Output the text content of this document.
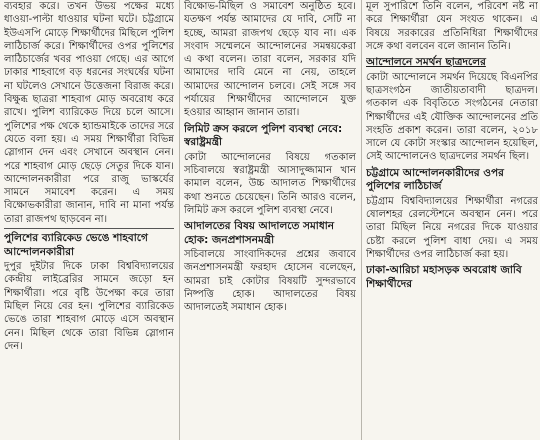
ব্যবহার করে। তখন উভয় পক্ষের মধ্যে ধাওয়া-পাল্টা ধাওয়ার ঘটনা ঘটে। চট্টগ্রামে ইউএসপি মোড়ে শিক্ষার্থীদের মিছিলে পুলিশ লাঠিচার্জ করে। শিক্ষার্থীদের ওপর পুলিশের লাঠিচার্জের খবর পাওয়া গেছে। এর আগে ঢাকার শাহবাগে বড় ধরনের সংঘর্ষের ঘটনা না ঘটলেও সেখানে উত্তেজনা বিরাজ করে। বিক্ষুব্ধ ছাত্ররা শাহবাগ মোড় অবরোধ করে রাখে। পুলিশ ব্যারিকেড দিয়ে চলে আসে। পুলিশের পক্ষ থেকে হ্যান্ডমাইকে তাদের সরে যেতে বলা হয়। এ সময় শিক্ষার্থীরা বিভিন্ন স্লোগান দেন এবং সেখানে অবস্থান নেন। পরে শাহবাগ মোড় ছেড়ে সেতুর দিকে যান। আন্দোলনকারীরা পরে রাজু ভাস্কর্যের সামনে সমাবেশ করেন। এ সময় বিক্ষোভকারীরা জানান, দাবি না মানা পর্যন্ত তারা রাজপথ ছাড়বেন না।

পুলিশের ব্যারিকেড ভেঙে শাহবাগে আন্দোলনকারীরা

দুপুর দুইটার দিকে ঢাকা বিশ্ববিদ্যালয়ের কেন্দ্রীয় লাইব্রেরির সামনে জড়ো হন শিক্ষার্থীরা। পরে বৃষ্টি উপেক্ষা করে তারা মিছিল নিয়ে বের হন। পুলিশের ব্যারিকেড ভেঙে তারা শাহবাগ মোড়ে এসে অবস্থান নেন। মিছিল থেকে তারা বিভিন্ন স্লোগান দেন।

বিক্ষোভ-মিছিল ও সমাবেশ অনুষ্ঠিত হবে। যতক্ষণ পর্যন্ত আমাদের যে দাবি, সেটি না হচ্ছে, আমরা রাজপথ ছেড়ে যাব না। এক সংবাদ সম্মেলনে আন্দোলনের সমন্বয়কেরা এ কথা বলেন। তারা বলেন, সরকার যদি আমাদের দাবি মেনে না নেয়, তাহলে আমাদের আন্দোলন চলবে। সেই সঙ্গে সব পর্যায়ের শিক্ষার্থীদের আন্দোলনে যুক্ত হওয়ার আহ্বান জানান তারা।

লিমিট ক্রস করলে পুলিশ ব্যবস্থা নেবে: স্বরাষ্ট্রমন্ত্রী

কোটা আন্দোলনের বিষয়ে গতকাল সচিবালয়ে স্বরাষ্ট্রমন্ত্রী আসাদুজ্জামান খান কামাল বলেন, উচ্চ আদালত শিক্ষার্থীদের কথা শুনতে চেয়েছেন। তিনি আরও বলেন, লিমিট ক্রস করলে পুলিশ ব্যবস্থা নেবে।

আদালতের বিষয় আদালতে সমাধান হোক: জনপ্রশাসনমন্ত্রী

সচিবালয়ে সাংবাদিকদের প্রশ্নের জবাবে জনপ্রশাসনমন্ত্রী ফরহাদ হোসেন বলেছেন, আমরা চাই কোটার বিষয়টি সুন্দরভাবে নিষ্পত্তি হোক। আদালতের বিষয় আদালতেই সমাধান হোক।

মূল সুপারিশে তিনি বলেন, পরিবেশ নষ্ট না করে শিক্ষার্থীরা যেন সংযত থাকেন। এ বিষয়ে সরকারের প্রতিনিধিরা শিক্ষার্থীদের সঙ্গে কথা বলবেন বলে জানান তিনি।

আন্দোলনে সমর্থন ছাত্রদলের

কোটা আন্দোলনে সমর্থন দিয়েছে বিএনপির ছাত্রসংগঠন জাতীয়তাবাদী ছাত্রদল। গতকাল এক বিবৃতিতে সংগঠনের নেতারা শিক্ষার্থীদের এই যৌক্তিক আন্দোলনের প্রতি সংহতি প্রকাশ করেন। তারা বলেন, ২০১৮ সালে যে কোটা সংস্কার আন্দোলন হয়েছিল, সেই আন্দোলনেও ছাত্রদলের সমর্থন ছিল।

চট্টগ্রামে আন্দোলনকারীদের ওপর পুলিশের লাঠিচার্জ

চট্টগ্রাম বিশ্ববিদ্যালয়ের শিক্ষার্থীরা নগরের ষোলশহর রেলস্টেশনে অবস্থান নেন। পরে তারা মিছিল নিয়ে নগরের দিকে যাওয়ার চেষ্টা করলে পুলিশ বাধা দেয়। এ সময় শিক্ষার্থীদের ওপর লাঠিচার্জ করা হয়।

ঢাকা-আরিচা মহাসড়ক অবরোধ জাবি শিক্ষার্থীদের
